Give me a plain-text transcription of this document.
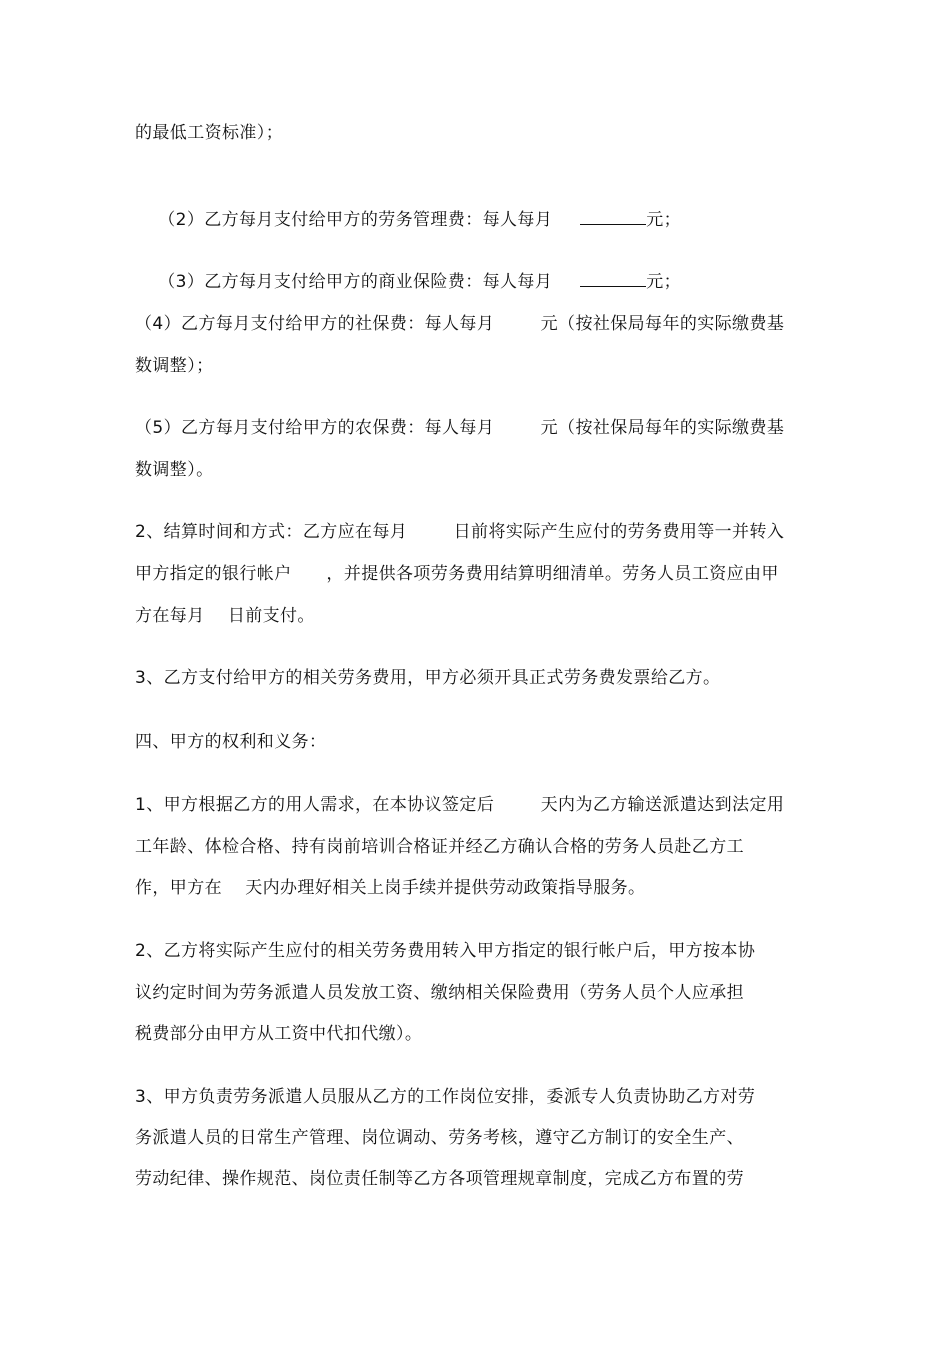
的最低工资标准）；

（2）乙方每月支付给甲方的劳务管理费：每人每月	元；

（3）乙方每月支付给甲方的商业保险费：每人每月	元；

（4）乙方每月支付给甲方的社保费：每人每月        元（按社保局每年的实际缴费基
数调整）；
（5）乙方每月支付给甲方的农保费：每人每月        元（按社保局每年的实际缴费基
数调整）。
2、结算时间和方式：乙方应在每月        日前将实际产生应付的劳务费用等一并转入
甲方指定的银行帐户      ，并提供各项劳务费用结算明细清单。劳务人员工资应由甲
方在每月    日前支付。
3、乙方支付给甲方的相关劳务费用，甲方必须开具正式劳务费发票给乙方。
四、甲方的权利和义务：
1、甲方根据乙方的用人需求，在本协议签定后        天内为乙方输送派遣达到法定用
工年龄、体检合格、持有岗前培训合格证并经乙方确认合格的劳务人员赴乙方工
作，甲方在    天内办理好相关上岗手续并提供劳动政策指导服务。
2、乙方将实际产生应付的相关劳务费用转入甲方指定的银行帐户后，甲方按本协
议约定时间为劳务派遣人员发放工资、缴纳相关保险费用（劳务人员个人应承担
税费部分由甲方从工资中代扣代缴）。
3、甲方负责劳务派遣人员服从乙方的工作岗位安排，委派专人负责协助乙方对劳
务派遣人员的日常生产管理、岗位调动、劳务考核，遵守乙方制订的安全生产、
劳动纪律、操作规范、岗位责任制等乙方各项管理规章制度，完成乙方布置的劳
